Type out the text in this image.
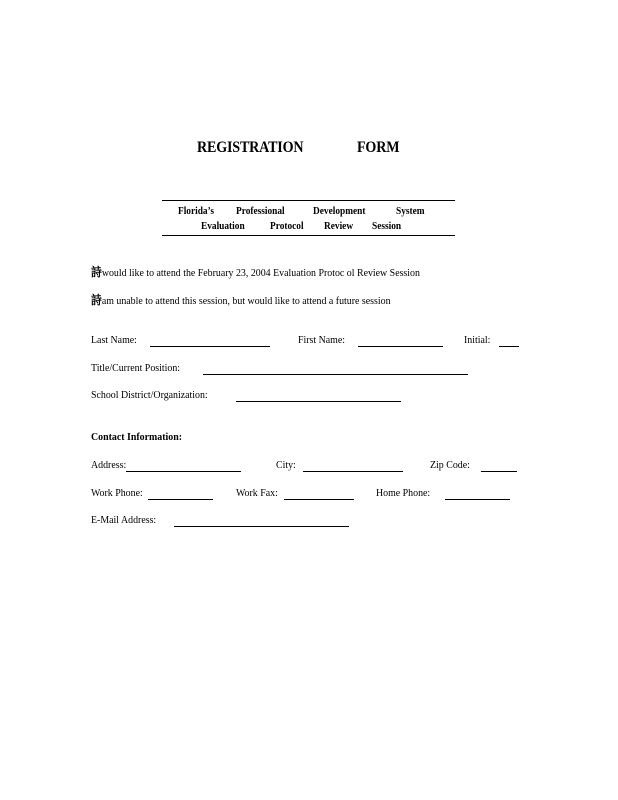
REGISTRATION	FORM
Florida’s Professional	Development	System
Evaluation Protocol Review Session
詩would like to attend the February 23, 2004 Evaluation Protoc ol Review Session
詩am unable to attend this session, but would like to attend a future session
Last Name:	First Name:	Initial:
Title/Current Position:
School District/Organization:
Contact Information:
Address:	City:	Zip Code:
Work Phone:	Work Fax:	Home Phone:
E-Mail Address:
